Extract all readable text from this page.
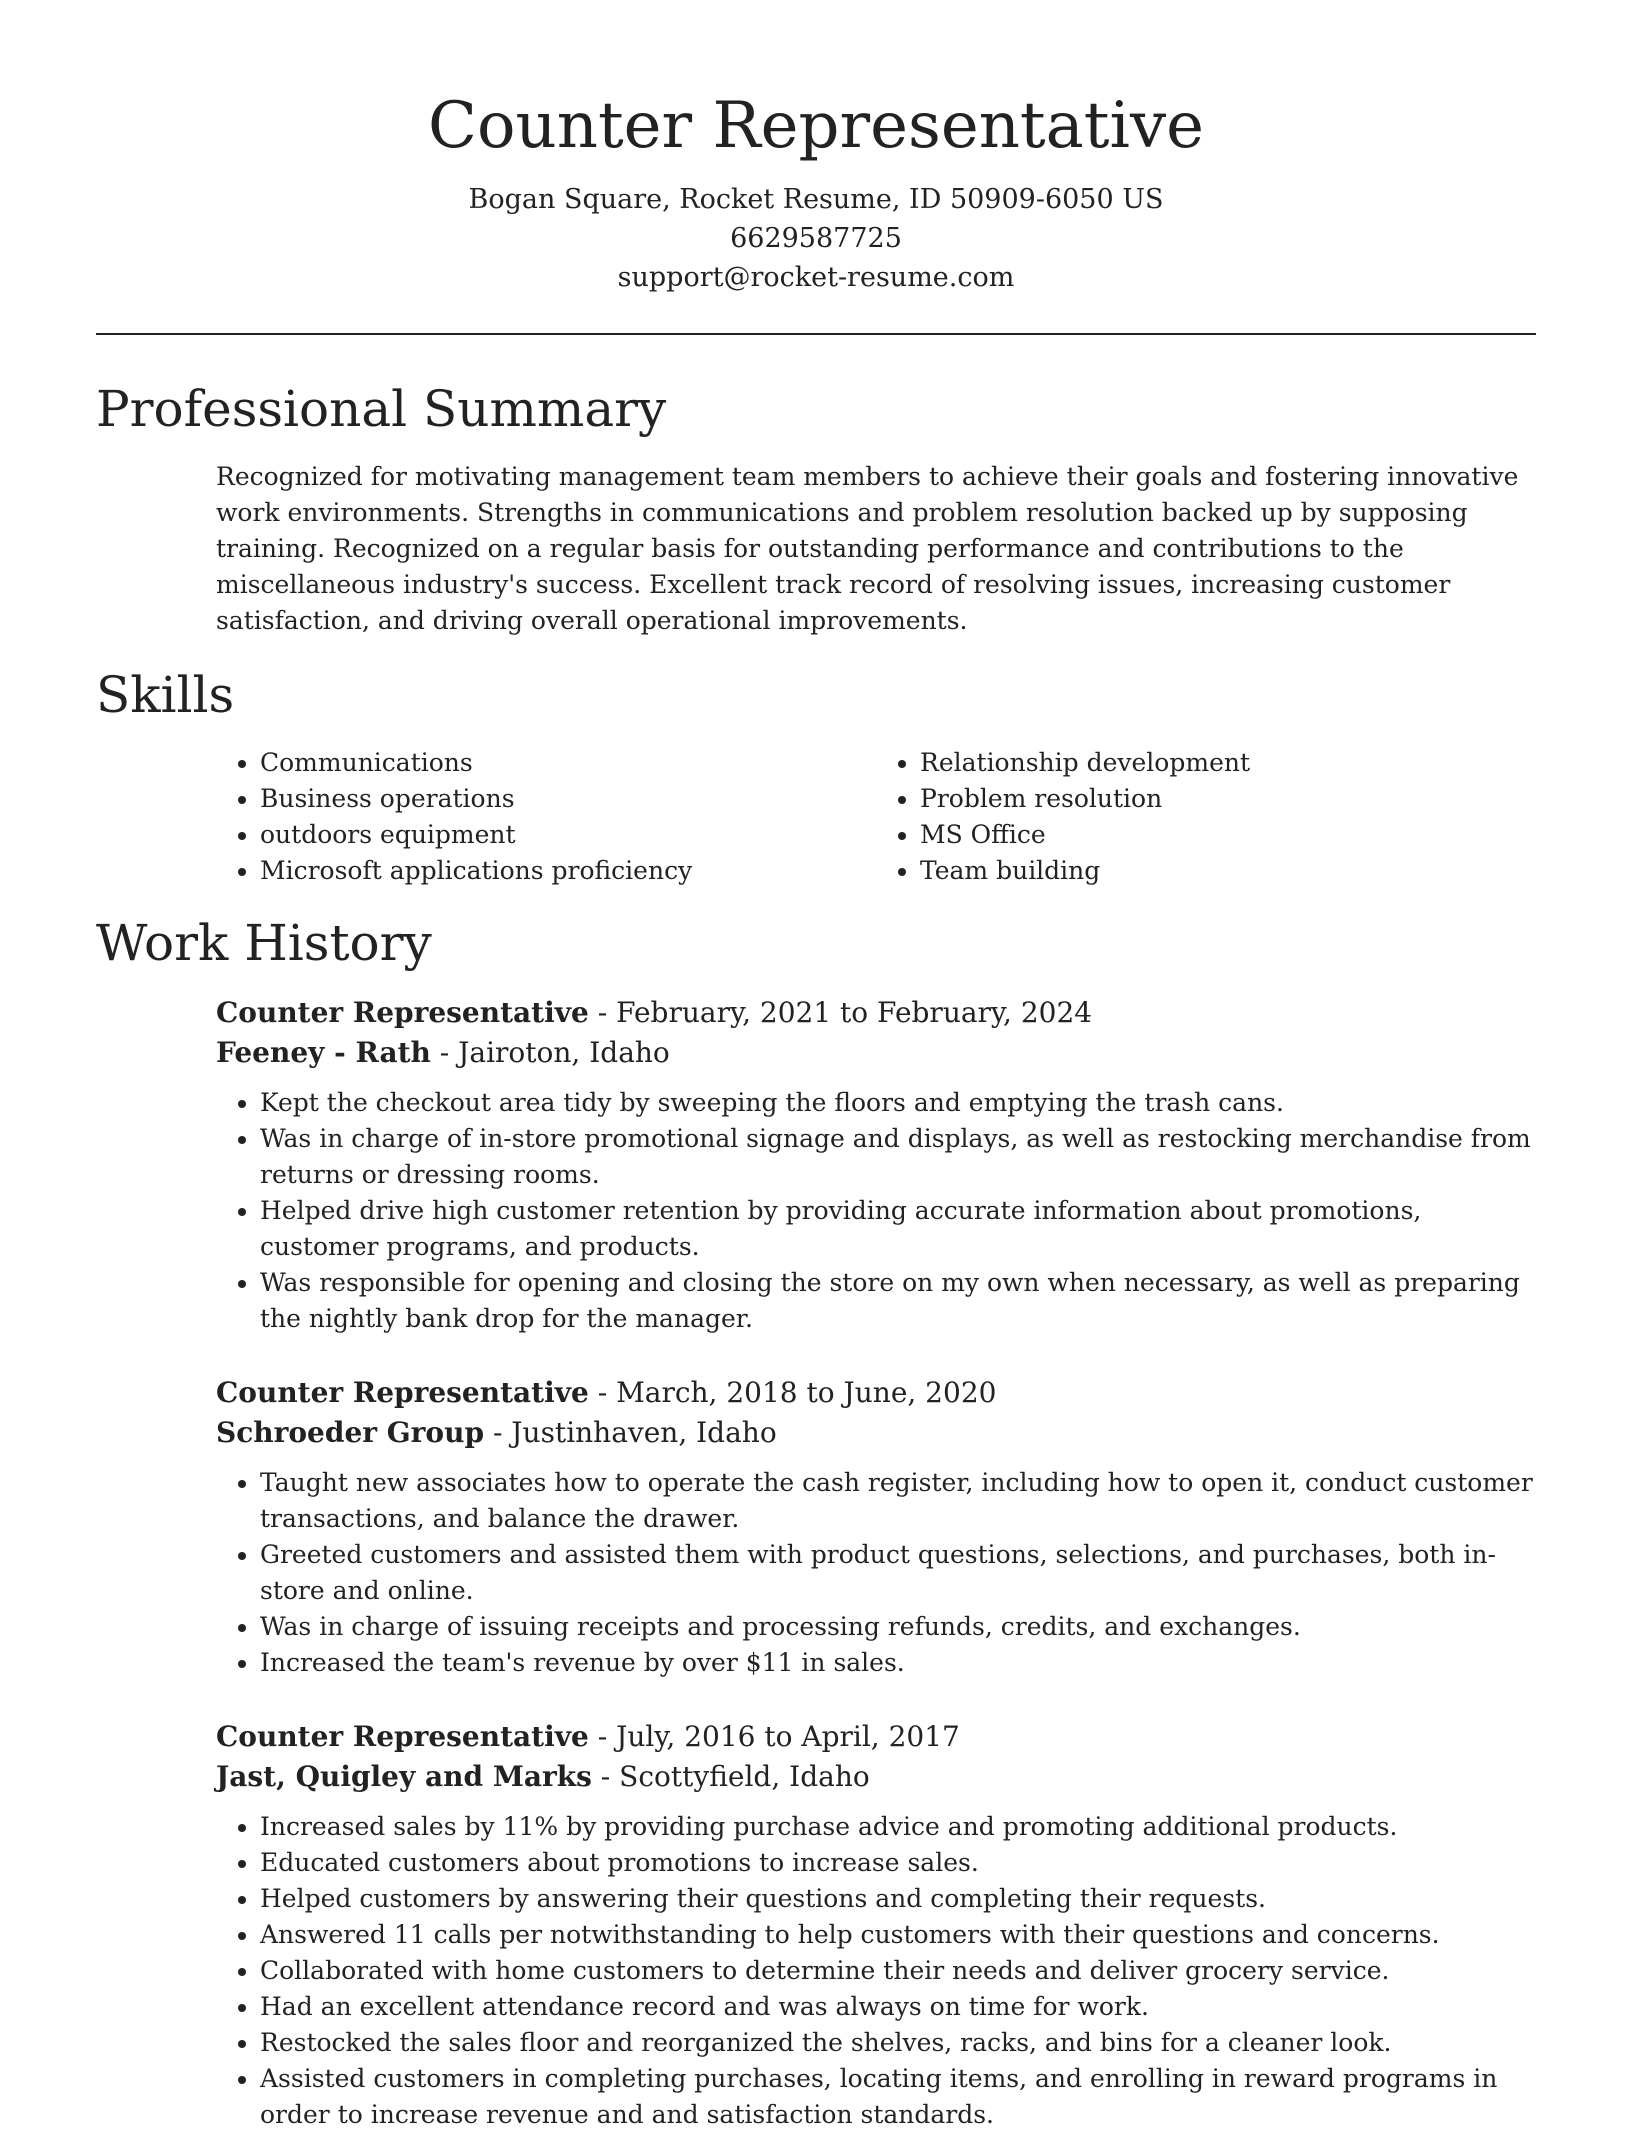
Counter Representative
Bogan Square, Rocket Resume, ID 50909-6050 US
6629587725
support@rocket-resume.com
Professional Summary

Recognized for motivating management team members to achieve their goals and fostering innovative work environments. Strengths in communications and problem resolution backed up by supposing training. Recognized on a regular basis for outstanding performance and contributions to the miscellaneous industry's success. Excellent track record of resolving issues, increasing customer satisfaction, and driving overall operational improvements.

Skills
• Communications
• Business operations
• outdoors equipment
• Microsoft applications proficiency
• Relationship development
• Problem resolution
• MS Office
• Team building
Work History
Counter Representative - February, 2021 to February, 2024
Feeney - Rath - Jairoton, Idaho
• Kept the checkout area tidy by sweeping the floors and emptying the trash cans.
• Was in charge of in-store promotional signage and displays, as well as restocking merchandise from returns or dressing rooms.
• Helped drive high customer retention by providing accurate information about promotions, customer programs, and products.
• Was responsible for opening and closing the store on my own when necessary, as well as preparing the nightly bank drop for the manager.
Counter Representative - March, 2018 to June, 2020
Schroeder Group - Justinhaven, Idaho
• Taught new associates how to operate the cash register, including how to open it, conduct customer transactions, and balance the drawer.
• Greeted customers and assisted them with product questions, selections, and purchases, both in-store and online.
• Was in charge of issuing receipts and processing refunds, credits, and exchanges.
• Increased the team's revenue by over $11 in sales.
Counter Representative - July, 2016 to April, 2017
Jast, Quigley and Marks - Scottyfield, Idaho
• Increased sales by 11% by providing purchase advice and promoting additional products.
• Educated customers about promotions to increase sales.
• Helped customers by answering their questions and completing their requests.
• Answered 11 calls per notwithstanding to help customers with their questions and concerns.
• Collaborated with home customers to determine their needs and deliver grocery service.
• Had an excellent attendance record and was always on time for work.
• Restocked the sales floor and reorganized the shelves, racks, and bins for a cleaner look.
• Assisted customers in completing purchases, locating items, and enrolling in reward programs in order to increase revenue and and satisfaction standards.
